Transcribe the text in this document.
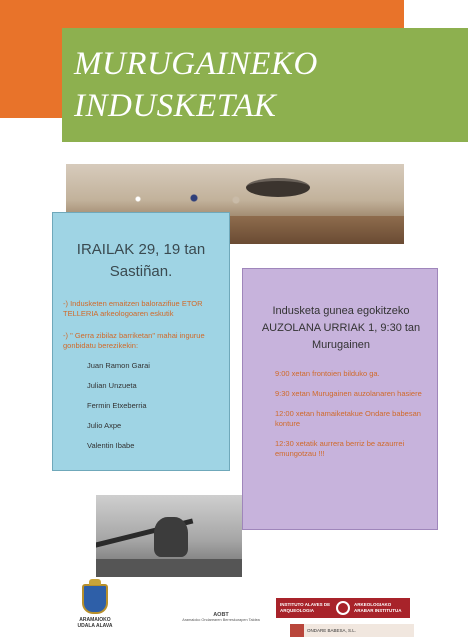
MURUGAINEKO
INDUSKETAK
IRAILAK 29, 19 tan
Sastiñan.
-) Indusketen emaitzen balorazifiue ETOR TELLERIA arkeologoaren eskutik
-) " Gerra zibilaz barriketan" mahai ingurue gonbidatu berezikekin:
Juan Ramon Garai
Julian Unzueta
Fermin Etxeberria
Julio Axpe
Valentin Ibabe
Indusketa gunea egokitzeko
AUZOLANA URRIAK 1, 9:30 tan
Murugainen
9:00 xetan frontoien bilduko ga.
9:30 xetan Murugainen auzolanaren hasiere
12:00 xetan hamaiketakue Ondare babesan konture
12:30 xetatik aurrera berriz be azaurrei emungotzau !!!
ARAMAIOKO UDALA ALAVA
AOBT
Aramaioko Ondarearen Berreskurapen Taldea
INSTITUTO ALAVES DE ARQUEOLOGIA
ARKEOLOGIAKO ARABAR INSTITUTUA
ONDARE BABESA, S.L.
